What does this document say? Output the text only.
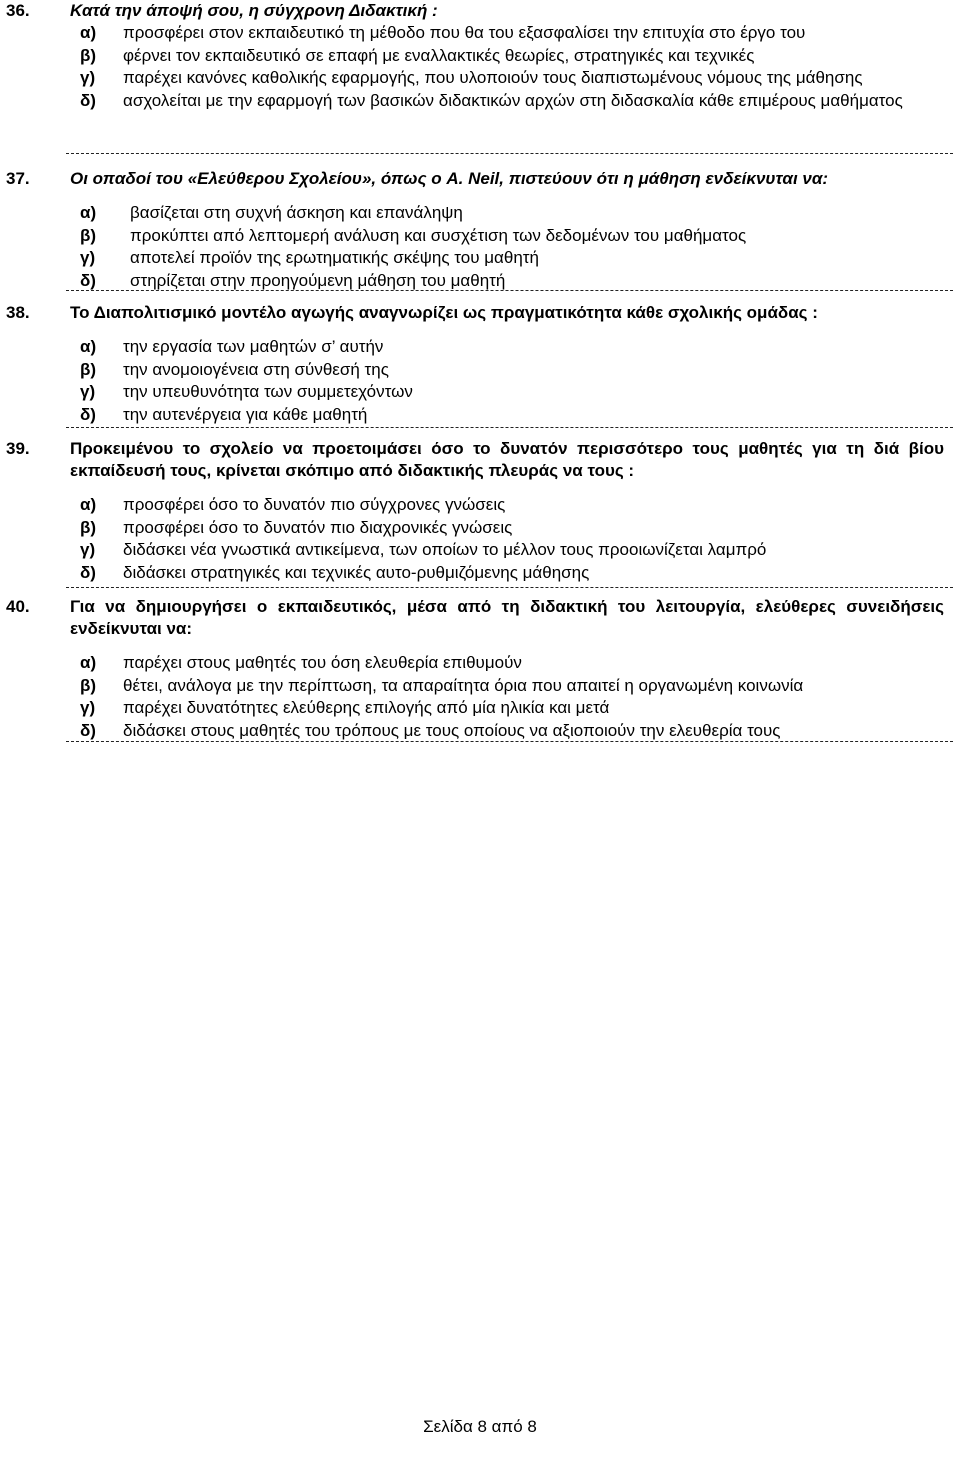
36. Κατά την άποψή σου, η σύγχρονη Διδακτική :
α) προσφέρει στον εκπαιδευτικό τη μέθοδο που θα του εξασφαλίσει την επιτυχία στο έργο του
β) φέρνει τον εκπαιδευτικό σε επαφή με εναλλακτικές θεωρίες, στρατηγικές και τεχνικές
γ) παρέχει κανόνες καθολικής εφαρμογής, που υλοποιούν τους διαπιστωμένους νόμους της μάθησης
δ) ασχολείται με την εφαρμογή των βασικών διδακτικών αρχών στη διδασκαλία κάθε επιμέρους μαθήματος
37. Οι οπαδοί του «Ελεύθερου Σχολείου», όπως ο A. Neil, πιστεύουν ότι η μάθηση ενδείκνυται να:
α) βασίζεται στη συχνή άσκηση και επανάληψη
β) προκύπτει από λεπτομερή ανάλυση και συσχέτιση των δεδομένων του μαθήματος
γ) αποτελεί προϊόν της ερωτηματικής σκέψης του μαθητή
δ) στηρίζεται στην προηγούμενη μάθηση του μαθητή
38. Το Διαπολιτισμικό μοντέλο αγωγής αναγνωρίζει ως πραγματικότητα κάθε σχολικής ομάδας :
α) την εργασία των μαθητών σ’ αυτήν
β) την ανομοιογένεια στη σύνθεσή της
γ) την υπευθυνότητα των συμμετεχόντων
δ) την αυτενέργεια για κάθε μαθητή
39. Προκειμένου το σχολείο να προετοιμάσει όσο το δυνατόν περισσότερο τους μαθητές για τη διά βίου εκπαίδευσή τους, κρίνεται σκόπιμο από διδακτικής πλευράς να τους :
α) προσφέρει όσο το δυνατόν πιο σύγχρονες γνώσεις
β) προσφέρει όσο το δυνατόν πιο διαχρονικές γνώσεις
γ) διδάσκει νέα γνωστικά αντικείμενα, των οποίων το μέλλον τους προοιωνίζεται λαμπρό
δ) διδάσκει στρατηγικές και τεχνικές αυτο-ρυθμιζόμενης μάθησης
40. Για να δημιουργήσει ο εκπαιδευτικός, μέσα από τη διδακτική του λειτουργία, ελεύθερες συνειδήσεις ενδείκνυται να:
α) παρέχει στους μαθητές του όση ελευθερία επιθυμούν
β) θέτει, ανάλογα με την περίπτωση, τα απαραίτητα όρια που απαιτεί η οργανωμένη κοινωνία
γ) παρέχει δυνατότητες ελεύθερης επιλογής από μία ηλικία και μετά
δ) διδάσκει στους μαθητές του τρόπους με τους οποίους να αξιοποιούν την ελευθερία τους
Σελίδα 8 από 8
